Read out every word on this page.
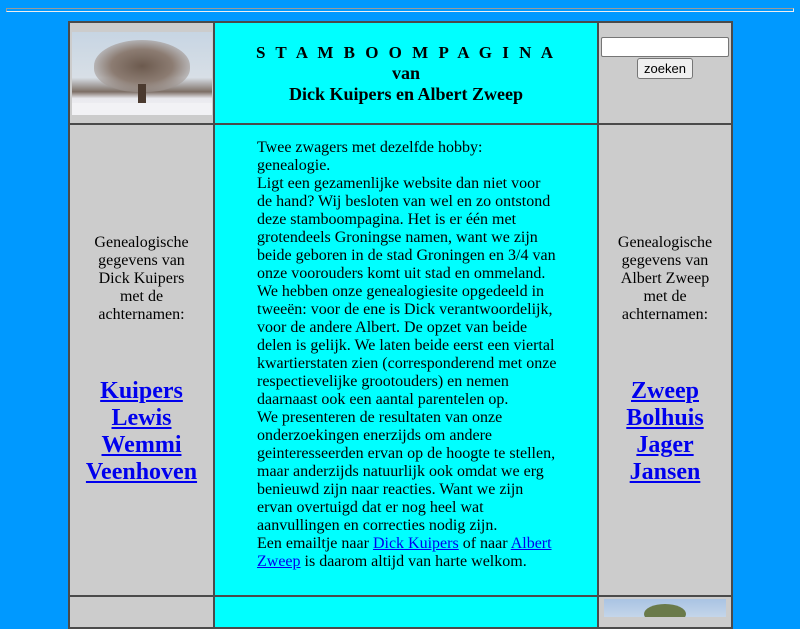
	S T A M B O O M P A G I N A
van
Dick Kuipers en Albert Zweep	zoeken

Genealogische
gegevens van
Dick Kuipers
met de
achternamen:
Kuipers
Lewis
Wemmi
Veenhoven

Twee zwagers met dezelfde hobby: genealogie.
Ligt een gezamenlijke website dan niet voor de hand? Wij besloten van wel en zo ontstond deze stamboompagina. Het is er één met grotendeels Groningse namen, want we zijn beide geboren in de stad Groningen en 3/4 van onze voorouders komt uit stad en ommeland.
We hebben onze genealogiesite opgedeeld in tweeën: voor de ene is Dick verantwoordelijk, voor de andere Albert. De opzet van beide delen is gelijk. We laten beide eerst een viertal kwartierstaten zien (corresponderend met onze respectievelijke grootouders) en nemen daarnaast ook een aantal parentelen op.
We presenteren de resultaten van onze onderzoekingen enerzijds om andere geinteresseerden ervan op de hoogte te stellen, maar anderzijds natuurlijk ook omdat we erg benieuwd zijn naar reacties. Want we zijn ervan overtuigd dat er nog heel wat aanvullingen en correcties nodig zijn.
Een emailtje naar Dick Kuipers of naar Albert Zweep is daarom altijd van harte welkom.

Genealogische
gegevens van
Albert Zweep
met de
achternamen:
Zweep
Bolhuis
Jager
Jansen
